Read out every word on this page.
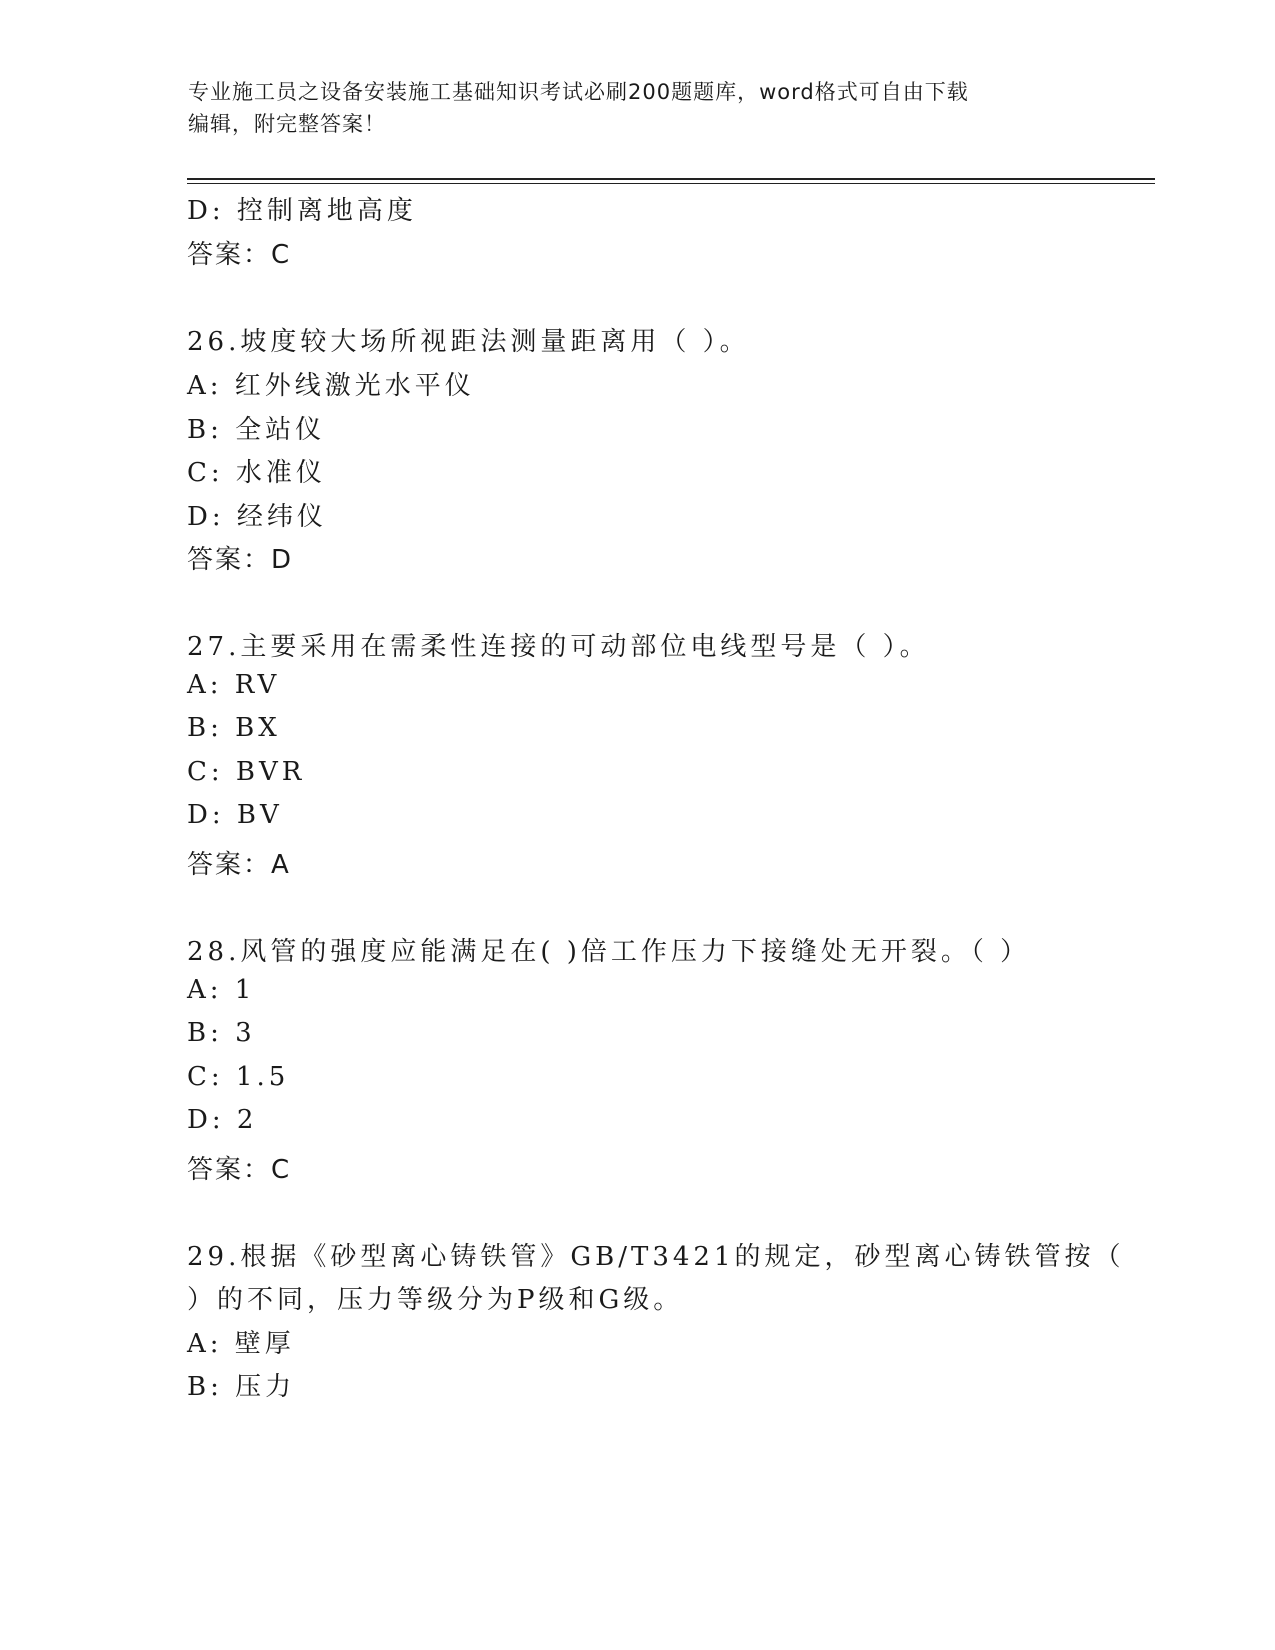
专业施工员之设备安装施工基础知识考试必刷200题题库，word格式可自由下载
编辑，附完整答案！
D: 控制离地高度
答案：C
26.坡度较大场所视距法测量距离用（ ）。
A: 红外线激光水平仪
B: 全站仪
C: 水准仪
D: 经纬仪
答案：D
27.主要采用在需柔性连接的可动部位电线型号是（ ）。
A: RV
B: BX
C: BVR
D: BV
答案：A
28.风管的强度应能满足在( )倍工作压力下接缝处无开裂。（ ）
A: 1
B: 3
C: 1.5
D: 2
答案：C
29.根据《砂型离心铸铁管》GB/T3421的规定，砂型离心铸铁管按（
）的不同，压力等级分为P级和G级。
A: 壁厚
B: 压力
